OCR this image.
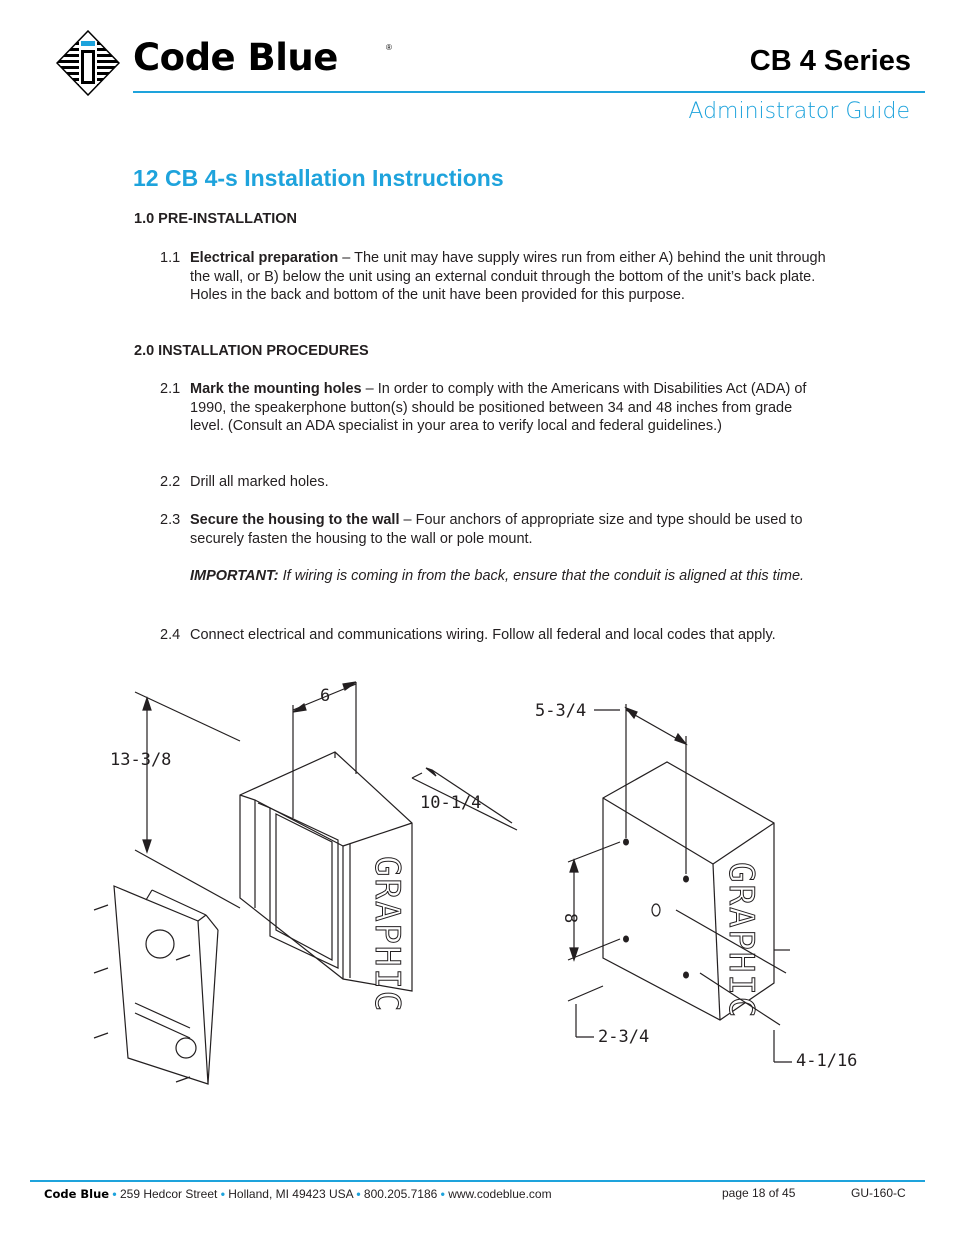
Code Blue	®	CB 4 Series
Administrator Guide
12 CB 4-s Installation Instructions
1.0 PRE-INSTALLATION
1.1 Electrical preparation – The unit may have supply wires run from either A) behind the unit through the wall, or B) below the unit using an external conduit through the bottom of the unit’s back plate. Holes in the back and bottom of the unit have been provided for this purpose.
2.0 INSTALLATION PROCEDURES
2.1 Mark the mounting holes – In order to comply with the Americans with Disabilities Act (ADA) of 1990, the speakerphone button(s) should be positioned between 34 and 48 inches from grade level. (Consult an ADA specialist in your area to verify local and federal guidelines.)
2.2 Drill all marked holes.
2.3 Secure the housing to the wall – Four anchors of appropriate size and type should be used to securely fasten the housing to the wall or pole mount.
IMPORTANT: If wiring is coming in from the back, ensure that the conduit is aligned at this time.
2.4 Connect electrical and communications wiring. Follow all federal and local codes that apply.
GRAPHIC
13-3/8
6
10-1/4
GRAPHIC
5-3/4
8
2-3/4
4-1/16
Code Blue • 259 Hedcor Street • Holland, MI 49423 USA • 800.205.7186 • www.codeblue.com	page 18 of 45	GU-160-C
